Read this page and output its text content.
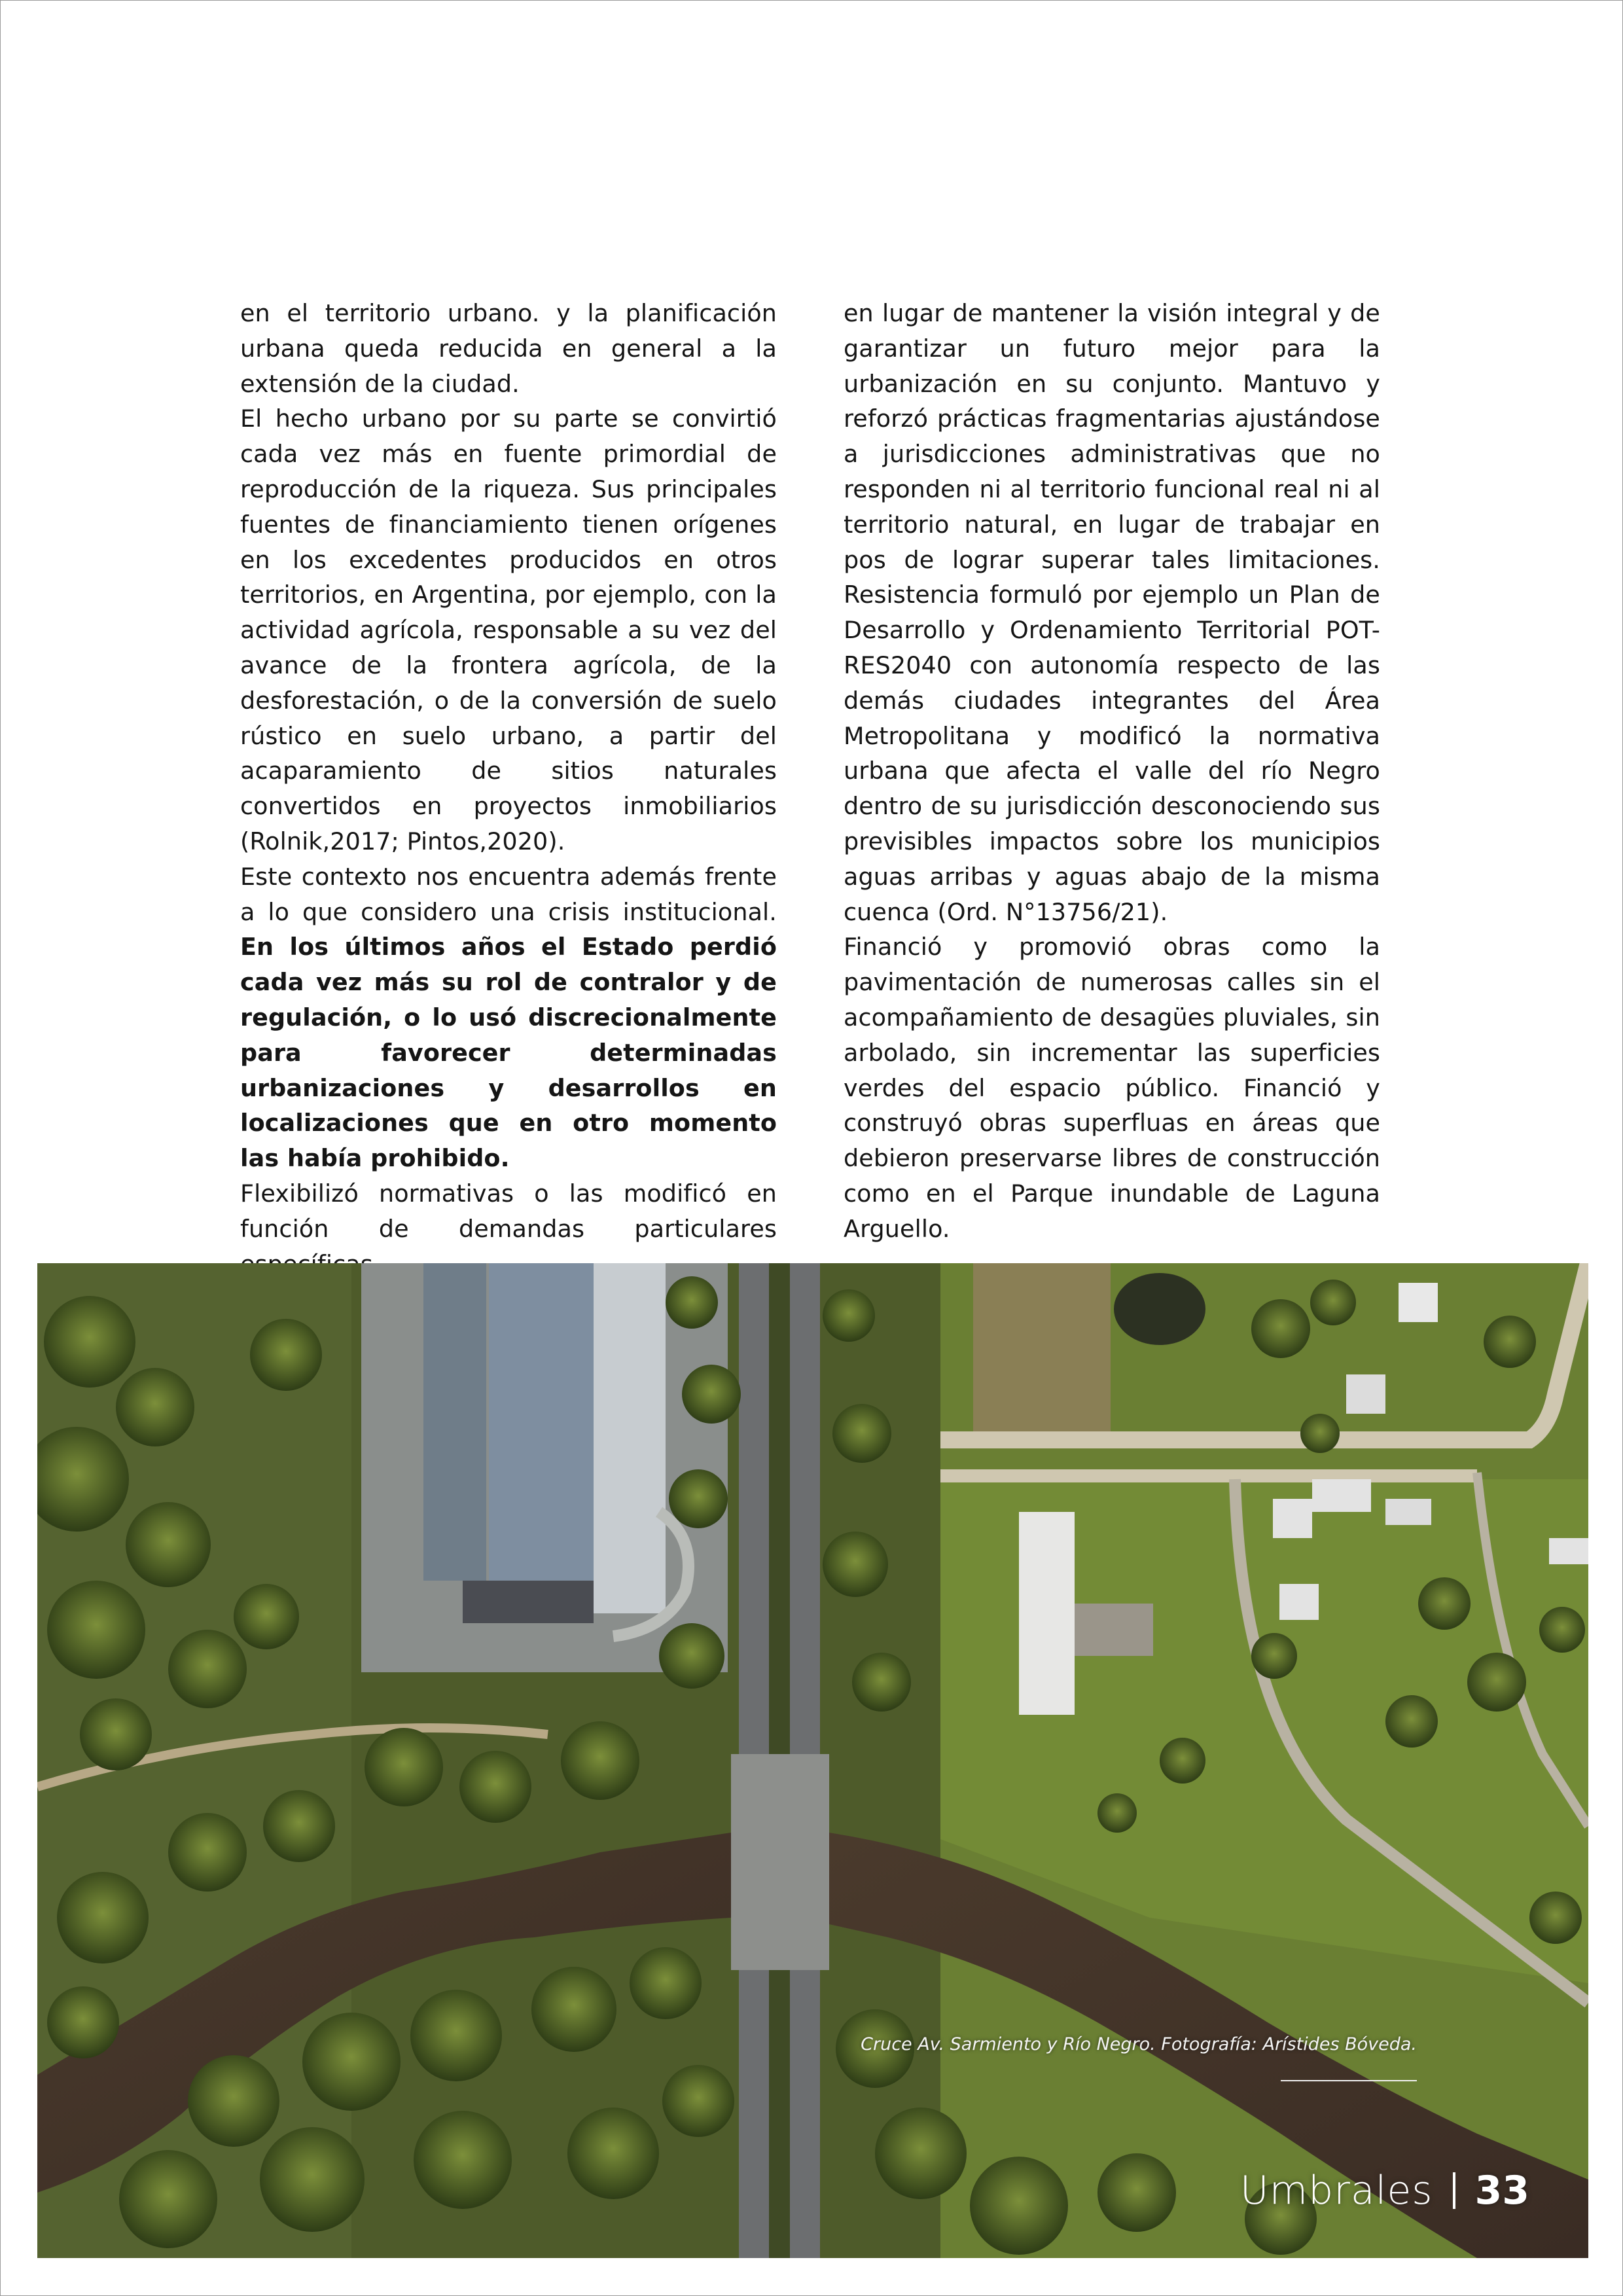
en el territorio urbano. y la planificación urbana queda reducida en general a la extensión de la ciudad.

El hecho urbano por su parte se convirtió cada vez más en fuente primordial de reproducción de la riqueza. Sus principales fuentes de financiamiento tienen orígenes en los excedentes producidos en otros territorios, en Argentina, por ejemplo, con la actividad agrícola, responsable a su vez del avance de la frontera agrícola, de la desforestación, o de la conversión de suelo rústico en suelo urbano, a partir del acaparamiento de sitios naturales convertidos en proyectos inmobiliarios (Rolnik,2017; Pintos,2020).

Este contexto nos encuentra además frente a lo que considero una crisis institucional. En los últimos años el Estado perdió cada vez más su rol de contralor y de regulación, o lo usó discrecionalmente para favorecer determinadas urbanizaciones y desarrollos en localizaciones que en otro momento las había prohibido.

Flexibilizó normativas o las modificó en función de demandas particulares

en lugar de mantener la visión integral y de garantizar un futuro mejor para la urbanización en su conjunto. Mantuvo y reforzó prácticas fragmentarias ajustándose a jurisdicciones administrativas que no responden ni al territorio funcional real ni al territorio natural, en lugar de trabajar en pos de lograr superar tales limitaciones. Resistencia formuló por ejemplo un Plan de Desarrollo y Ordenamiento Territorial POT-RES2040 con autonomía respecto de las demás ciudades integrantes del Área Metropolitana y modificó la normativa urbana que afecta el valle del río Negro dentro de su jurisdicción desconociendo sus previsibles impactos sobre los municipios aguas arribas y aguas abajo de la misma cuenca (Ord. N°13756/21).

Financió y promovió obras como la pavimentación de numerosas calles sin el acompañamiento de desagües pluviales, sin arbolado, sin incrementar las superficies verdes del espacio público. Financió y construyó obras superfluas en áreas que debieron preservarse libres de construcción como en el Parque inundable de Laguna Arguello.

Cruce Av. Sarmiento y Río Negro. Fotografía: Arístides Bóveda.
Umbrales 33
